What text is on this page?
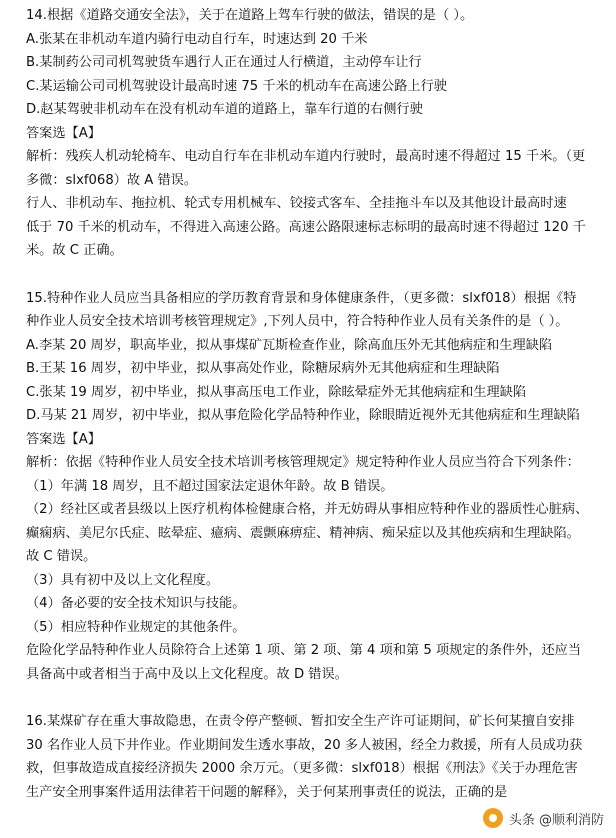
14.根据《道路交通安全法》，关于在道路上驾车行驶的做法，错误的是（ ）。
A.张某在非机动车道内骑行电动自行车，时速达到 20 千米
B.某制药公司司机驾驶货车遇行人正在通过人行横道，主动停车让行
C.某运输公司司机驾驶设计最高时速 75 千米的机动车在高速公路上行驶
D.赵某驾驶非机动车在没有机动车道的道路上，靠车行道的右侧行驶
答案选【A】
解析：残疾人机动轮椅车、电动自行车在非机动车道内行驶时，最高时速不得超过 15 千米。（更
多微：slxf068）故 A 错误。
行人、非机动车、拖拉机、轮式专用机械车、铰接式客车、全挂拖斗车以及其他设计最高时速
低于 70 千米的机动车，不得进入高速公路。高速公路限速标志标明的最高时速不得超过 120 千
米。故 C 正确。
15.特种作业人员应当具备相应的学历教育背景和身体健康条件，（更多微：slxf018）根据《特
种作业人员安全技术培训考核管理规定》,下列人员中，符合特种作业人员有关条件的是（ ）。
A.李某 20 周岁，职高毕业，拟从事煤矿瓦斯检查作业，除高血压外无其他病症和生理缺陷
B.王某 16 周岁，初中毕业，拟从事高处作业，除糖尿病外无其他病症和生理缺陷
C.张某 19 周岁，初中毕业，拟从事高压电工作业，除眩晕症外无其他病症和生理缺陷
D.马某 21 周岁，初中毕业，拟从事危险化学品特种作业，除眼睛近视外无其他病症和生理缺陷
答案选【A】
解析：依据《特种作业人员安全技术培训考核管理规定》规定特种作业人员应当符合下列条件：
（1）年满 18 周岁，且不超过国家法定退休年龄。故 B 错误。
（2）经社区或者县级以上医疗机构体检健康合格，并无妨碍从事相应特种作业的器质性心脏病、
癫痫病、美尼尔氏症、眩晕症、癔病、震颤麻痹症、精神病、痴呆症以及其他疾病和生理缺陷。
故 C 错误。
（3）具有初中及以上文化程度。
（4）备必要的安全技术知识与技能。
（5）相应特种作业规定的其他条件。
危险化学品特种作业人员除符合上述第 1 项、第 2 项、第 4 项和第 5 项规定的条件外，还应当
具备高中或者相当于高中及以上文化程度。故 D 错误。
16.某煤矿存在重大事故隐患，在责令停产整顿、暂扣安全生产许可证期间，矿长何某擅自安排
30 名作业人员下井作业。作业期间发生透水事故，20 多人被困，经全力救援，所有人员成功获
救，但事故造成直接经济损失 2000 余万元。（更多微：slxf018）根据《刑法》《关于办理危害
生产安全刑事案件适用法律若干问题的解释》，关于何某刑事责任的说法，正确的是
头条 @顺利消防
